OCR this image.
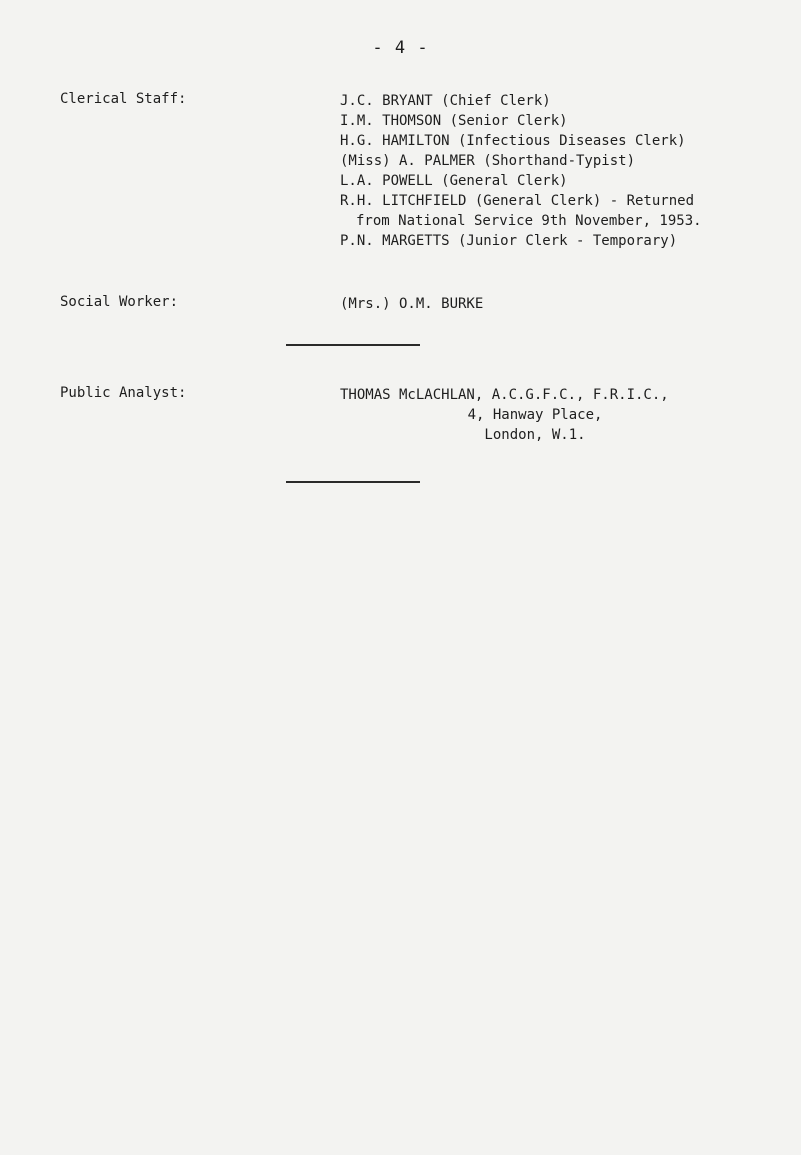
- 4 -
Clerical Staff:	J.C. BRYANT (Chief Clerk)
I.M. THOMSON (Senior Clerk)
H.G. HAMILTON (Infectious Diseases Clerk)
(Miss) A. PALMER (Shorthand-Typist)
L.A. POWELL (General Clerk)
R.H. LITCHFIELD (General Clerk) - Returned
from National Service 9th November, 1953.
P.N. MARGETTS (Junior Clerk - Temporary)
Social Worker:	(Mrs.) O.M. BURKE
Public Analyst:	THOMAS McLACHLAN, A.C.G.F.C., F.R.I.C.,
4, Hanway Place,
London, W.1.
